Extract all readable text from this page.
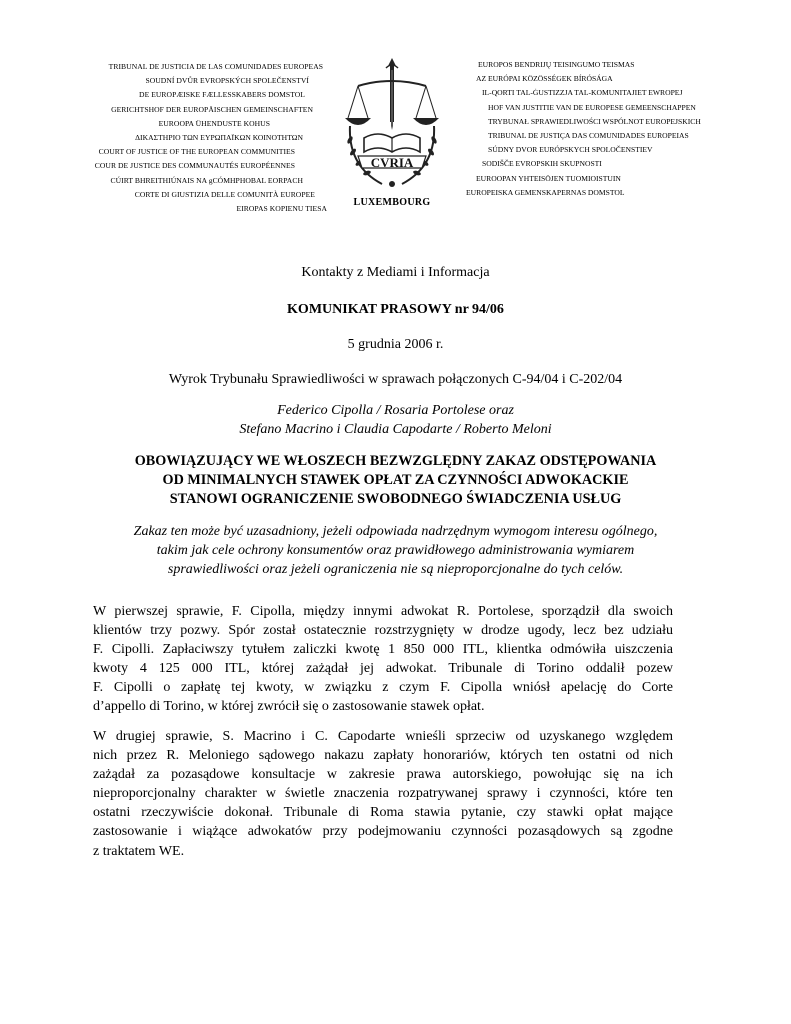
TRIBUNAL DE JUSTICIA DE LAS COMUNIDADES EUROPEAS
SOUDNÍ DVŮR EVROPSKÝCH SPOLEČENSTVÍ
DE EUROPÆISKE FÆLLESSKABERS DOMSTOL
GERICHTSHOF DER EUROPÄISCHEN GEMEINSCHAFTEN
EUROOPA ÜHENDUSTE KOHUS
ΔΙΚΑΣΤΗΡΙΟ ΤΩΝ ΕΥΡΩΠΑΪΚΩΝ ΚΟΙΝΟΤΗΤΩΝ
COURT OF JUSTICE OF THE EUROPEAN COMMUNITIES
COUR DE JUSTICE DES COMMUNAUTÉS EUROPÉENNES
CÚIRT BHREITHIÚNAIS NA gCÓMHPHOBAL EORPACH
CORTE DI GIUSTIZIA DELLE COMUNITÀ EUROPEE
EIROPAS KOPIENU TIESA
CVRIA
LUXEMBOURG
EUROPOS BENDRIJŲ TEISINGUMO TEISMAS
AZ EURÓPAI KÖZÖSSÉGEK BÍRÓSÁGA
IL-QORTI TAL-ĠUSTIZZJA TAL-KOMUNITAJIET EWROPEJ
HOF VAN JUSTITIE VAN DE EUROPESE GEMEENSCHAPPEN
TRYBUNAŁ SPRAWIEDLIWOŚCI WSPÓLNOT EUROPEJSKICH
TRIBUNAL DE JUSTIÇA DAS COMUNIDADES EUROPEIAS
SÚDNY DVOR EURÓPSKYCH SPOLOČENSTIEV
SODIŠČE EVROPSKIH SKUPNOSTI
EUROOPAN YHTEISÖJEN TUOMIOISTUIN
EUROPEISKA GEMENSKAPERNAS DOMSTOL
Kontakty z Mediami i Informacja
KOMUNIKAT PRASOWY nr 94/06
5 grudnia 2006 r.
Wyrok Trybunału Sprawiedliwości w sprawach połączonych C-94/04 i C-202/04
Federico Cipolla / Rosaria Portolese oraz
Stefano Macrino i Claudia Capodarte / Roberto Meloni
OBOWIĄZUJĄCY WE WŁOSZECH BEZWZGLĘDNY ZAKAZ ODSTĘPOWANIA
OD MINIMALNYCH STAWEK OPŁAT ZA CZYNNOŚCI ADWOKACKIE
STANOWI OGRANICZENIE SWOBODNEGO ŚWIADCZENIA USŁUG
Zakaz ten może być uzasadniony, jeżeli odpowiada nadrzędnym wymogom interesu ogólnego,
takim jak cele ochrony konsumentów oraz prawidłowego administrowania wymiarem
sprawiedliwości oraz jeżeli ograniczenia nie są nieproporcjonalne do tych celów.
W pierwszej sprawie, F. Cipolla, między innymi adwokat R. Portolese, sporządził dla swoich
klientów trzy pozwy. Spór został ostatecznie rozstrzygnięty w drodze ugody, lecz bez udziału
F. Cipolli. Zapłaciwszy tytułem zaliczki kwotę 1 850 000 ITL, klientka odmówiła uiszczenia
kwoty 4 125 000 ITL, której zażądał jej adwokat. Tribunale di Torino oddalił pozew
F. Cipolli o zapłatę tej kwoty, w związku z czym F. Cipolla wniósł apelację do Corte
d’appello di Torino, w której zwrócił się o zastosowanie stawek opłat.
W drugiej sprawie, S. Macrino i C. Capodarte wnieśli sprzeciw od uzyskanego względem
nich przez R. Meloniego sądowego nakazu zapłaty honorariów, których ten ostatni od nich
zażądał za pozasądowe konsultacje w zakresie prawa autorskiego, powołując się na ich
nieproporcjonalny charakter w świetle znaczenia rozpatrywanej sprawy i czynności, które ten
ostatni rzeczywiście dokonał. Tribunale di Roma stawia pytanie, czy stawki opłat mające
zastosowanie i wiążące adwokatów przy podejmowaniu czynności pozasądowych są zgodne
z traktatem WE.
